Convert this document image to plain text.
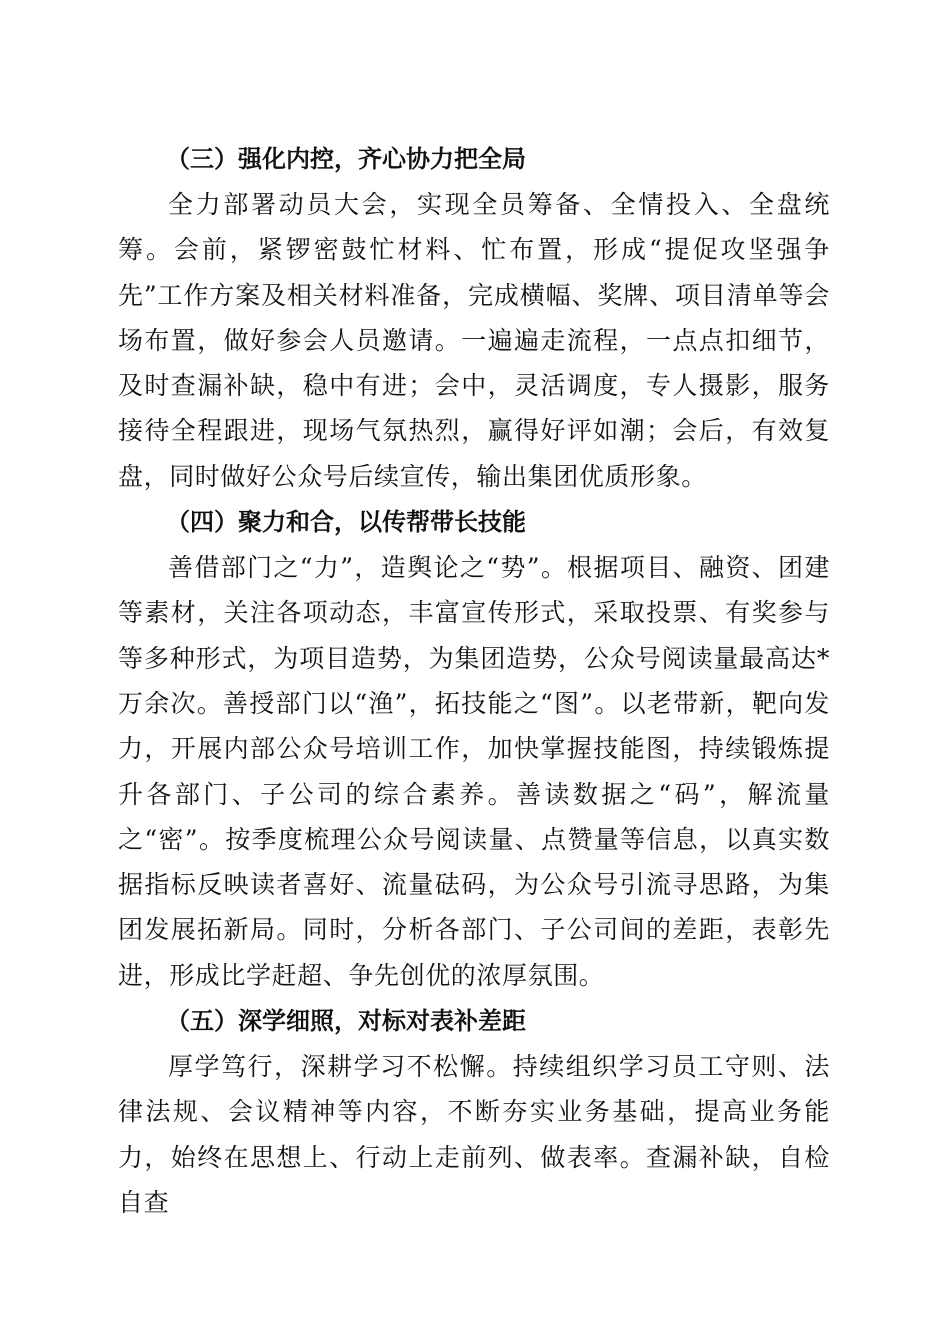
（三）强化内控，齐心协力把全局

全力部署动员大会，实现全员筹备、全情投入、全盘统筹。会前，紧锣密鼓忙材料、忙布置，形成“提促攻坚强争先”工作方案及相关材料准备，完成横幅、奖牌、项目清单等会场布置，做好参会人员邀请。一遍遍走流程，一点点扣细节，及时查漏补缺，稳中有进；会中，灵活调度，专人摄影，服务接待全程跟进，现场气氛热烈，赢得好评如潮；会后，有效复盘，同时做好公众号后续宣传，输出集团优质形象。

（四）聚力和合，以传帮带长技能

善借部门之“力”，造舆论之“势”。根据项目、融资、团建等素材，关注各项动态，丰富宣传形式，采取投票、有奖参与等多种形式，为项目造势，为集团造势，公众号阅读量最高达*万余次。善授部门以“渔”，拓技能之“图”。以老带新，靶向发力，开展内部公众号培训工作，加快掌握技能图，持续锻炼提升各部门、子公司的综合素养。善读数据之“码”，解流量之“密”。按季度梳理公众号阅读量、点赞量等信息，以真实数据指标反映读者喜好、流量砝码，为公众号引流寻思路，为集团发展拓新局。同时，分析各部门、子公司间的差距，表彰先进，形成比学赶超、争先创优的浓厚氛围。

（五）深学细照，对标对表补差距

厚学笃行，深耕学习不松懈。持续组织学习员工守则、法律法规、会议精神等内容，不断夯实业务基础，提高业务能力，始终在思想上、行动上走前列、做表率。查漏补缺，自检自查
